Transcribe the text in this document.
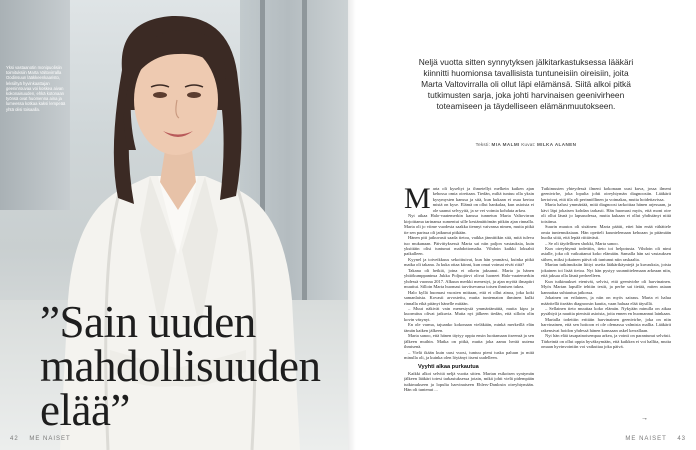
Yksi vastaanotin monipuolisiin toimituksiin Marta Valtovirralla Oodinsuun lääkkeenkaaristo, leksiiltyä hyvinkaattajan geeninrouvaa voi koskea aivan kokonaisuuden, ehkä kotonaan työnsä ovat huomenna aina ja lumeessa kotkaa kaksi lempeää yhtä olisi toisaalla.

”Sain uuden mahdollisuuden elää”
42 ME NAISET

Neljä vuotta sitten synnytyksen jälkitarkastuksessa lääkäri kiinnitti huomionsa tavallisista tuntuneisiin oireisiin, joita Marta Valtovirralla oli ollut läpi elämänsä. Siitä alkoi pitkä tutkimusten sarja, joka johti harvinaisen geenivirheen toteamiseen ja täydelliseen elämänmuutokseen.

Teksti: MIA MALMI Kuvat: MILKA ALANEN

Marta oli kyseltyt ja ihmetellyt melkein kaiken ajan kehossa omia oireitaan. Tiedän, miltä tuntuu olla yksin kysymysten kanssa ja sitä, kun kukaan ei osaa kertoa mistä on kyse. Elämä on ollut hankalaa, kun asioista ei ole saanut selvyyttä, ja se vei voimia kohdata arkea.

Nyt aikaa Halo-vaatemerkin kanssa tunnetun Marta Valtovirran kirjoittama tarinansa sumentui sille kestämättömän pitkän ajan rinnalla. Marta oli jo viime vuodesta saakka tiennyt vaivansa nimen, mutta pitkä tie sen parissa oli jatkunut pitkään.

Hänen piti jatkuvasti saada tietoa, vaikka jännittikin sitä, mitä tuleva tuo mukanaan. Päivittyksessä Marta sai niin paljon vastauksia, kuin yksittäin olisi tuntunut mahdottomalta. Vihdoin kaikki loksahti paikalleen.

Kyynel ja toiveikkuus sekoittuivat, kun hän ymmärsi, kuinka pitkä matka oli takana. Ja kuka ottaa kiinni, kun omat voimat eivät riitä?

Takana oli hetkiä, joina ei oikein jaksanut. Marta ja hänen yhtiökumppaninsa Jukka Poljuojärvi olivat luoneet Halo-vaatemerkin yhdessä vuonna 2017. Alkuun merkki menestyi, ja ajan myötä ilmapiiri muuttui. Silloin Marta huomasi tarvitsevansa toisen ihmisen tukea.

Halo kyllä huomasi vuosien mittaan, että ei ollut ainoa, joka koki samanlaista. Kovasti arvostettu, mutta tuntematon ihminen kulki rinnalla eikä pitänyt hänelle mitään.

– Muut näkivät vain menestystä ymmärtämättä, mutta kipu ja kuormitus olivat jatkuvia. Mutta nyt jälkeen tiedän, että silloin olin kovin väsynyt.

En ole varma, tajuanko kokonaan vieläkään, minkä merkeillä elän tämän kaiken jälkeen.

Marta sanoo, että hänen täytyy oppia ensin luottamaan itseensä ja sen jälkeen muihin. Matka on pitkä, mutta joka aamu herää uutena ihmisenä.

– Vielä ikään kuin uusi vuosi, tuntuu pieni tuska paluun ja mitä minulla oli, ja kuinka olen löytänyt itseni uudelleen.

Vyyhti alkaa purkautua

Kaikki alkoi selvitä neljä vuotta sitten. Martan esikoisen syntymän jälkeen lääkäri totesi tarkastuksessa jotain, mikä johti vielä pidempään tutkimukseen ja lopulta harvinaiseen Ehlers-Danlosin oireyhtymään. Hän oli tuntenut ...

Tutkimusten yhteydessä ilmeni kokonaan uusi kuva, jossa ilmeni geenivirhe, joka lopulta johti oireyhtymän diagnoosiin. Lääkärit kertoivat, että tila oli perinnöllinen ja voimakas, mutta hoidettavissa.

Marta halusi ymmärtää, mitä diagnoosi tarkoittaa hänen arjessaan, ja kävi läpi jokaisen kohdan tarkasti. Hän huomasi myös, että moni oire oli ollut läsnä jo lapsuudessa, mutta kukaan ei ollut yhdistänyt niitä toisiinsa.

Suurin muutos oli sisäinen: Marta päätti, ettei hän enää vähättele omia tuntemuksiaan. Hän opetteli kuuntelemaan kehoaan ja pitämään huolta siitä, että lepää riittävästi.

– Se oli täydellinen shokki, Marta sanoo.

Kun oireyhtymä todettiin, tieto toi helpotusta. Vihdoin oli nimi asialle, joka oli vaikuttanut koko elämään. Samalla hän sai vastauksen siihen, miksi jokainen päivä oli tuntunut niin raskaalta.

Martan tutkimuksiin liittyi useita lääkärikäyntejä ja kuvauksia, joista jokainen toi lisää tietoa. Nyt hän pystyy suunnittelemaan arkeaan niin, että jaksaa olla läsnä perheelleen.

Kun tutkimukset etenivät, selvisi, että geenivirhe oli harvinainen. Myös Martan lapsille tehtiin testit, ja perhe sai tietää, miten asiaan kannattaa suhtautua jatkossa.

Jokainen on erilainen, ja niin on myös sairaus. Marta ei halua määritellä itseään diagnoosin kautta, vaan haluaa elää täysillä.

– Sellainen tieto muuttaa koko elämän. Nykyään minulla on aikaa pysähtyä ja nauttia pienistä asioista, joita ennen en huomannut lainkaan.

Martalla todettiin erittäin harvinainen geenivirhe, joka on niin harvinainen, että sen hoitoon ei ole olemassa valmista mallia. Lääkärit rakensivat hoidon yhdessä hänen kanssaan askel kerrallaan.

Nyt hän elää tasapainoisempaa arkea, ja vointi on parantunut selvästi. Tärkeintä on ollut oppia hyväksymään, että kaikkea ei voi hallita, mutta omaan hyvinvointiin voi vaikuttaa joka päivä.

→
ME NAISET 43
